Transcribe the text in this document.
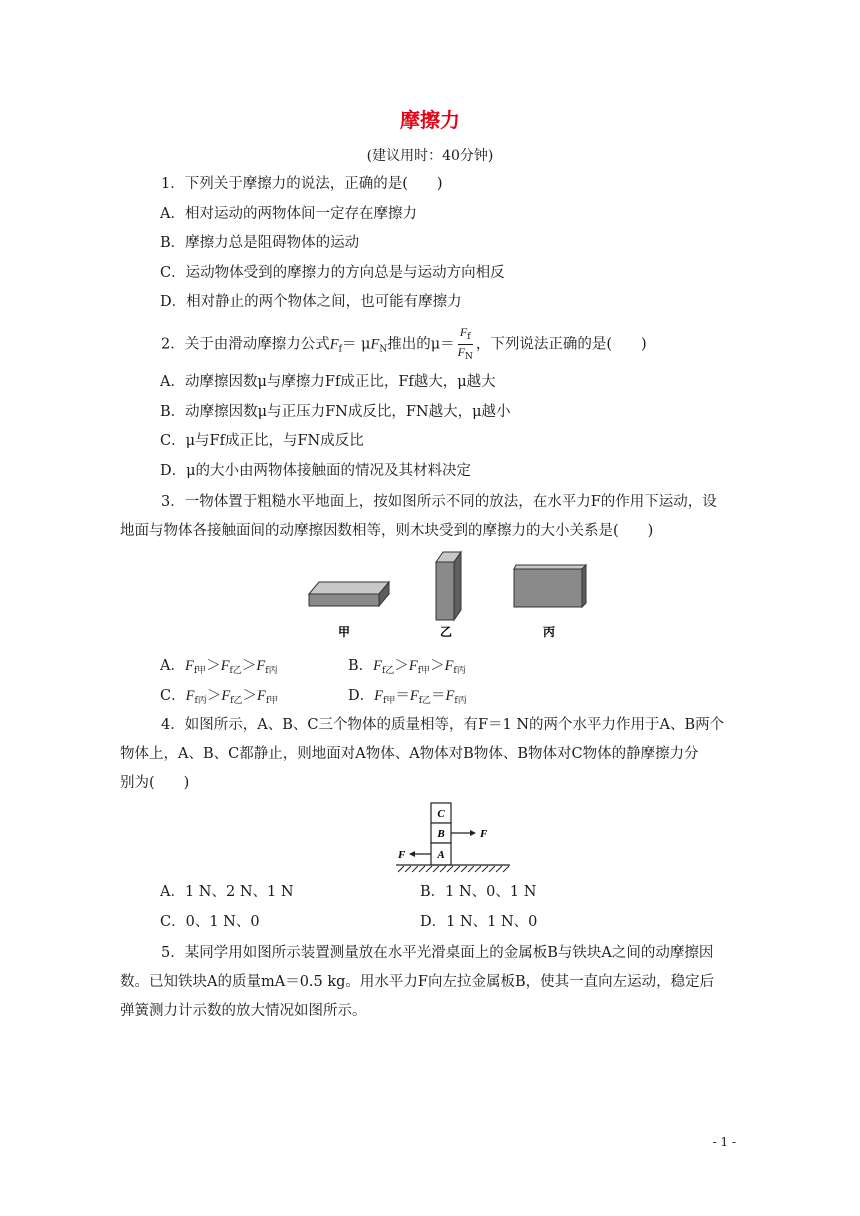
摩擦力
(建议用时：40分钟)
1．下列关于摩擦力的说法，正确的是(　　)
A．相对运动的两物体间一定存在摩擦力
B．摩擦力总是阻碍物体的运动
C．运动物体受到的摩擦力的方向总是与运动方向相反
D．相对静止的两个物体之间，也可能有摩擦力
2．关于由滑动摩擦力公式$F_f= \mu F_N$推出的$\mu= \frac{F_f}{F_N}$ ，下列说法正确的是(　　)
A．动摩擦因数μ与摩擦力Ff成正比，Ff越大，μ越大
B．动摩擦因数μ与正压力FN成反比，FN越大，μ越小
C．μ与Ff成正比，与FN成反比
D．μ的大小由两物体接触面的情况及其材料决定
3．一物体置于粗糙水平地面上，按如图所示不同的放法，在水平力F的作用下运动，设
地面与物体各接触面间的动摩擦因数相等，则木块受到的摩擦力的大小关系是(　　)
甲	乙	丙
A．$F_{f甲}>F_{f乙}>F_{f丙}$	B．$F_{f乙}>F_{f甲}>F_{f丙}$
C．$F_{f丙}>F_{f乙}>F_{f甲}$	D．$F_{f甲}=F_{f乙}=F_{f丙}$
4．如图所示，A、B、C三个物体的质量相等，有F＝1 N的两个水平力作用于A、B两个
物体上，A、B、C都静止，则地面对A物体、A物体对B物体、B物体对C物体的静摩擦力分
别为(　　)
C
B
A
F
F
A．1 N、2 N、1 N	B．1 N、0、1 N
C．0、1 N、0	D．1 N、1 N、0
5．某同学用如图所示装置测量放在水平光滑桌面上的金属板B与铁块A之间的动摩擦因
数。已知铁块A的质量mA＝0.5 kg。用水平力F向左拉金属板B，使其一直向左运动，稳定后
弹簧测力计示数的放大情况如图所示。
- 1 -
